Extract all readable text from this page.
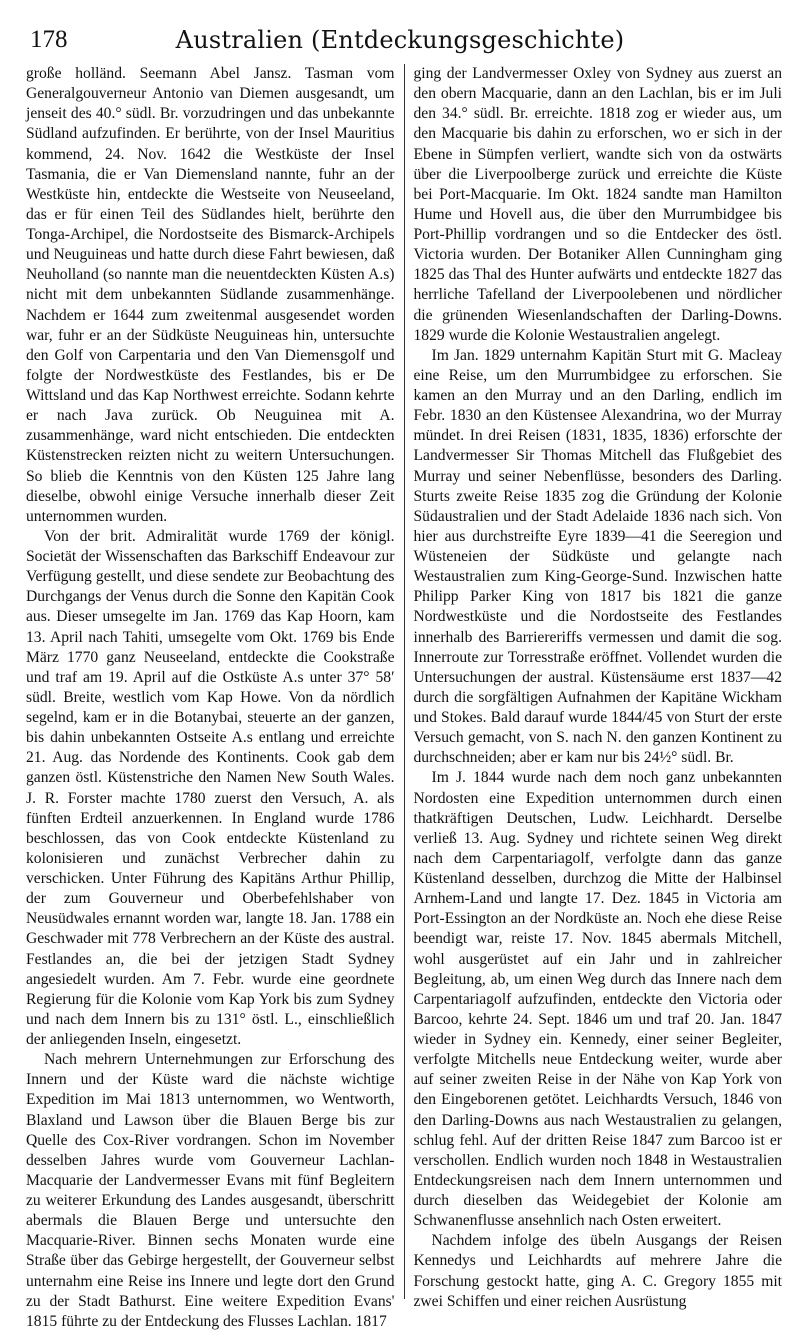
178	Australien (Entdeckungsgeschichte)

große holländ. Seemann Abel Jansz. Tasman vom Generalgouverneur Antonio van Diemen ausgesandt, um jenseit des 40.° südl. Br. vorzudringen und das unbekannte Südland aufzufinden. Er berührte, von der Insel Mauritius kommend, 24. Nov. 1642 die Westküste der Insel Tasmania, die er Van Diemensland nannte, fuhr an der Westküste hin, entdeckte die Westseite von Neuseeland, das er für einen Teil des Südlandes hielt, berührte den Tonga-Archipel, die Nordostseite des Bismarck-Archipels und Neuguineas und hatte durch diese Fahrt bewiesen, daß Neuholland (so nannte man die neuentdeckten Küsten A.s) nicht mit dem unbekannten Südlande zusammenhänge. Nachdem er 1644 zum zweitenmal ausgesendet worden war, fuhr er an der Südküste Neuguineas hin, untersuchte den Golf von Carpentaria und den Van Diemensgolf und folgte der Nordwestküste des Festlandes, bis er De Wittsland und das Kap Northwest erreichte. Sodann kehrte er nach Java zurück. Ob Neuguinea mit A. zusammenhänge, ward nicht entschieden. Die entdeckten Küstenstrecken reizten nicht zu weitern Untersuchungen. So blieb die Kenntnis von den Küsten 125 Jahre lang dieselbe, obwohl einige Versuche innerhalb dieser Zeit unternommen wurden.

Von der brit. Admiralität wurde 1769 der königl. Societät der Wissenschaften das Barkschiff Endeavour zur Verfügung gestellt, und diese sendete zur Beobachtung des Durchgangs der Venus durch die Sonne den Kapitän Cook aus. Dieser umsegelte im Jan. 1769 das Kap Hoorn, kam 13. April nach Tahiti, umsegelte vom Okt. 1769 bis Ende März 1770 ganz Neuseeland, entdeckte die Cookstraße und traf am 19. April auf die Ostküste A.s unter 37° 58′ südl. Breite, westlich vom Kap Howe. Von da nördlich segelnd, kam er in die Botanybai, steuerte an der ganzen, bis dahin unbekannten Ostseite A.s entlang und erreichte 21. Aug. das Nordende des Kontinents. Cook gab dem ganzen östl. Küstenstriche den Namen New South Wales. J. R. Forster machte 1780 zuerst den Versuch, A. als fünften Erdteil anzuerkennen. In England wurde 1786 beschlossen, das von Cook entdeckte Küstenland zu kolonisieren und zunächst Verbrecher dahin zu verschicken. Unter Führung des Kapitäns Arthur Phillip, der zum Gouverneur und Oberbefehlshaber von Neusüdwales ernannt worden war, langte 18. Jan. 1788 ein Geschwader mit 778 Verbrechern an der Küste des austral. Festlandes an, die bei der jetzigen Stadt Sydney angesiedelt wurden. Am 7. Febr. wurde eine geordnete Regierung für die Kolonie vom Kap York bis zum Sydney und nach dem Innern bis zu 131° östl. L., einschließlich der anliegenden Inseln, eingesetzt.

Nach mehrern Unternehmungen zur Erforschung des Innern und der Küste ward die nächste wichtige Expedition im Mai 1813 unternommen, wo Wentworth, Blaxland und Lawson über die Blauen Berge bis zur Quelle des Cox-River vordrangen. Schon im November desselben Jahres wurde vom Gouverneur Lachlan-Macquarie der Landvermesser Evans mit fünf Begleitern zu weiterer Erkundung des Landes ausgesandt, überschritt abermals die Blauen Berge und untersuchte den Macquarie-River. Binnen sechs Monaten wurde eine Straße über das Gebirge hergestellt, der Gouverneur selbst unternahm eine Reise ins Innere und legte dort den Grund zu der Stadt Bathurst. Eine weitere Expedition Evans' 1815 führte zu der Entdeckung des Flusses Lachlan. 1817

ging der Landvermesser Oxley von Sydney aus zuerst an den obern Macquarie, dann an den Lachlan, bis er im Juli den 34.° südl. Br. erreichte. 1818 zog er wieder aus, um den Macquarie bis dahin zu erforschen, wo er sich in der Ebene in Sümpfen verliert, wandte sich von da ostwärts über die Liverpoolberge zurück und erreichte die Küste bei Port-Macquarie. Im Okt. 1824 sandte man Hamilton Hume und Hovell aus, die über den Murrumbidgee bis Port-Phillip vordrangen und so die Entdecker des östl. Victoria wurden. Der Botaniker Allen Cunningham ging 1825 das Thal des Hunter aufwärts und entdeckte 1827 das herrliche Tafelland der Liverpoolebenen und nördlicher die grünenden Wiesenlandschaften der Darling-Downs. 1829 wurde die Kolonie Westaustralien angelegt.

Im Jan. 1829 unternahm Kapitän Sturt mit G. Macleay eine Reise, um den Murrumbidgee zu erforschen. Sie kamen an den Murray und an den Darling, endlich im Febr. 1830 an den Küstensee Alexandrina, wo der Murray mündet. In drei Reisen (1831, 1835, 1836) erforschte der Landvermesser Sir Thomas Mitchell das Flußgebiet des Murray und seiner Nebenflüsse, besonders des Darling. Sturts zweite Reise 1835 zog die Gründung der Kolonie Südaustralien und der Stadt Adelaide 1836 nach sich. Von hier aus durchstreifte Eyre 1839—41 die Seeregion und Wüsteneien der Südküste und gelangte nach Westaustralien zum King-George-Sund. Inzwischen hatte Philipp Parker King von 1817 bis 1821 die ganze Nordwestküste und die Nordostseite des Festlandes innerhalb des Barriereriffs vermessen und damit die sog. Innerroute zur Torresstraße eröffnet. Vollendet wurden die Untersuchungen der austral. Küstensäume erst 1837—42 durch die sorgfältigen Aufnahmen der Kapitäne Wickham und Stokes. Bald darauf wurde 1844/45 von Sturt der erste Versuch gemacht, von S. nach N. den ganzen Kontinent zu durchschneiden; aber er kam nur bis 24½° südl. Br.

Im J. 1844 wurde nach dem noch ganz unbekannten Nordosten eine Expedition unternommen durch einen thatkräftigen Deutschen, Ludw. Leichhardt. Derselbe verließ 13. Aug. Sydney und richtete seinen Weg direkt nach dem Carpentariagolf, verfolgte dann das ganze Küstenland desselben, durchzog die Mitte der Halbinsel Arnhem-Land und langte 17. Dez. 1845 in Victoria am Port-Essington an der Nordküste an. Noch ehe diese Reise beendigt war, reiste 17. Nov. 1845 abermals Mitchell, wohl ausgerüstet auf ein Jahr und in zahlreicher Begleitung, ab, um einen Weg durch das Innere nach dem Carpentariagolf aufzufinden, entdeckte den Victoria oder Barcoo, kehrte 24. Sept. 1846 um und traf 20. Jan. 1847 wieder in Sydney ein. Kennedy, einer seiner Begleiter, verfolgte Mitchells neue Entdeckung weiter, wurde aber auf seiner zweiten Reise in der Nähe von Kap York von den Eingeborenen getötet. Leichhardts Versuch, 1846 von den Darling-Downs aus nach Westaustralien zu gelangen, schlug fehl. Auf der dritten Reise 1847 zum Barcoo ist er verschollen. Endlich wurden noch 1848 in Westaustralien Entdeckungsreisen nach dem Innern unternommen und durch dieselben das Weidegebiet der Kolonie am Schwanenflusse ansehnlich nach Osten erweitert.

Nachdem infolge des übeln Ausgangs der Reisen Kennedys und Leichhardts auf mehrere Jahre die Forschung gestockt hatte, ging A. C. Gregory 1855 mit zwei Schiffen und einer reichen Ausrüstung
